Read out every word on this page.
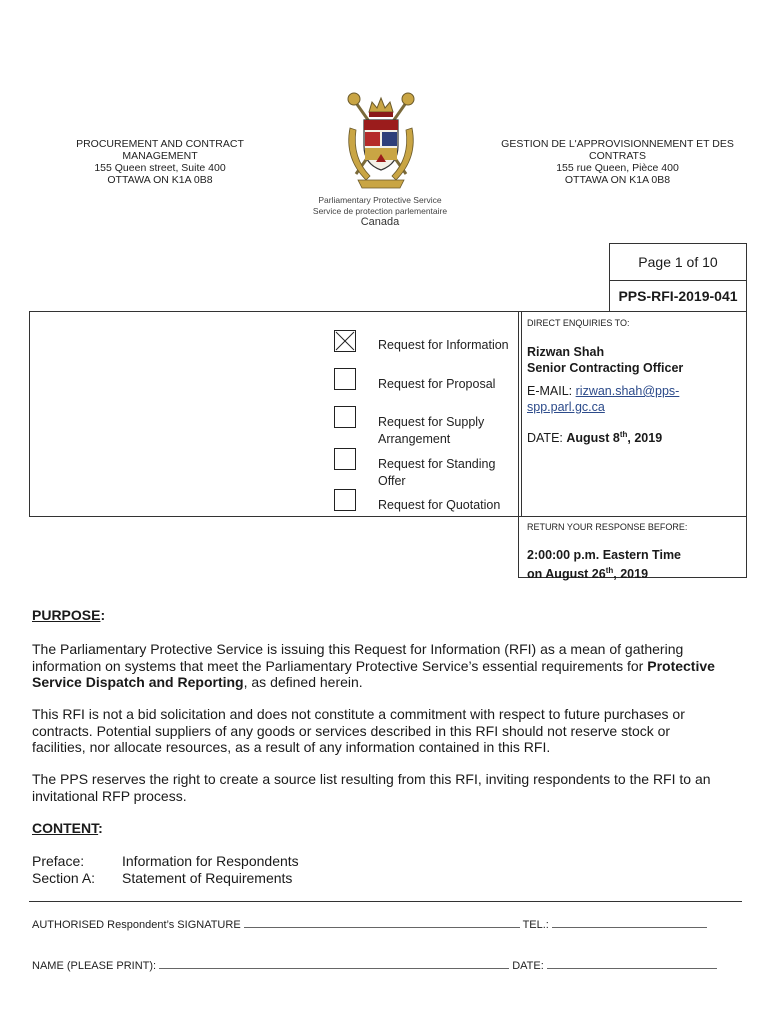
PROCUREMENT AND CONTRACT
MANAGEMENT
155 Queen street, Suite 400
OTTAWA ON K1A 0B8
Parliamentary Protective Service
Service de protection parlementaire
Canada
GESTION DE L'APPROVISIONNEMENT ET DES
CONTRATS
155 rue Queen, Pièce 400
OTTAWA ON K1A 0B8
Page 1 of 10
PPS-RFI-2019-041
Request for Information
Request for Proposal
Request for Supply Arrangement
Request for Standing Offer
Request for Quotation
DIRECT ENQUIRIES TO:
Rizwan Shah
Senior Contracting Officer
E-MAIL: rizwan.shah@pps-
spp.parl.gc.ca
DATE: August 8th, 2019
RETURN YOUR RESPONSE BEFORE:
2:00:00 p.m. Eastern Time
on August 26th, 2019
PURPOSE:
The Parliamentary Protective Service is issuing this Request for Information (RFI) as a mean of gathering information on systems that meet the Parliamentary Protective Service’s essential requirements for Protective Service Dispatch and Reporting, as defined herein.
This RFI is not a bid solicitation and does not constitute a commitment with respect to future purchases or contracts. Potential suppliers of any goods or services described in this RFI should not reserve stock or facilities, nor allocate resources, as a result of any information contained in this RFI.
The PPS reserves the right to create a source list resulting from this RFI, inviting respondents to the RFI to an invitational RFP process.
CONTENT:
Preface:	Information for Respondents
Section A: Statement of Requirements
AUTHORISED Respondent’s SIGNATURE	TEL.:
NAME (PLEASE PRINT):	DATE:
